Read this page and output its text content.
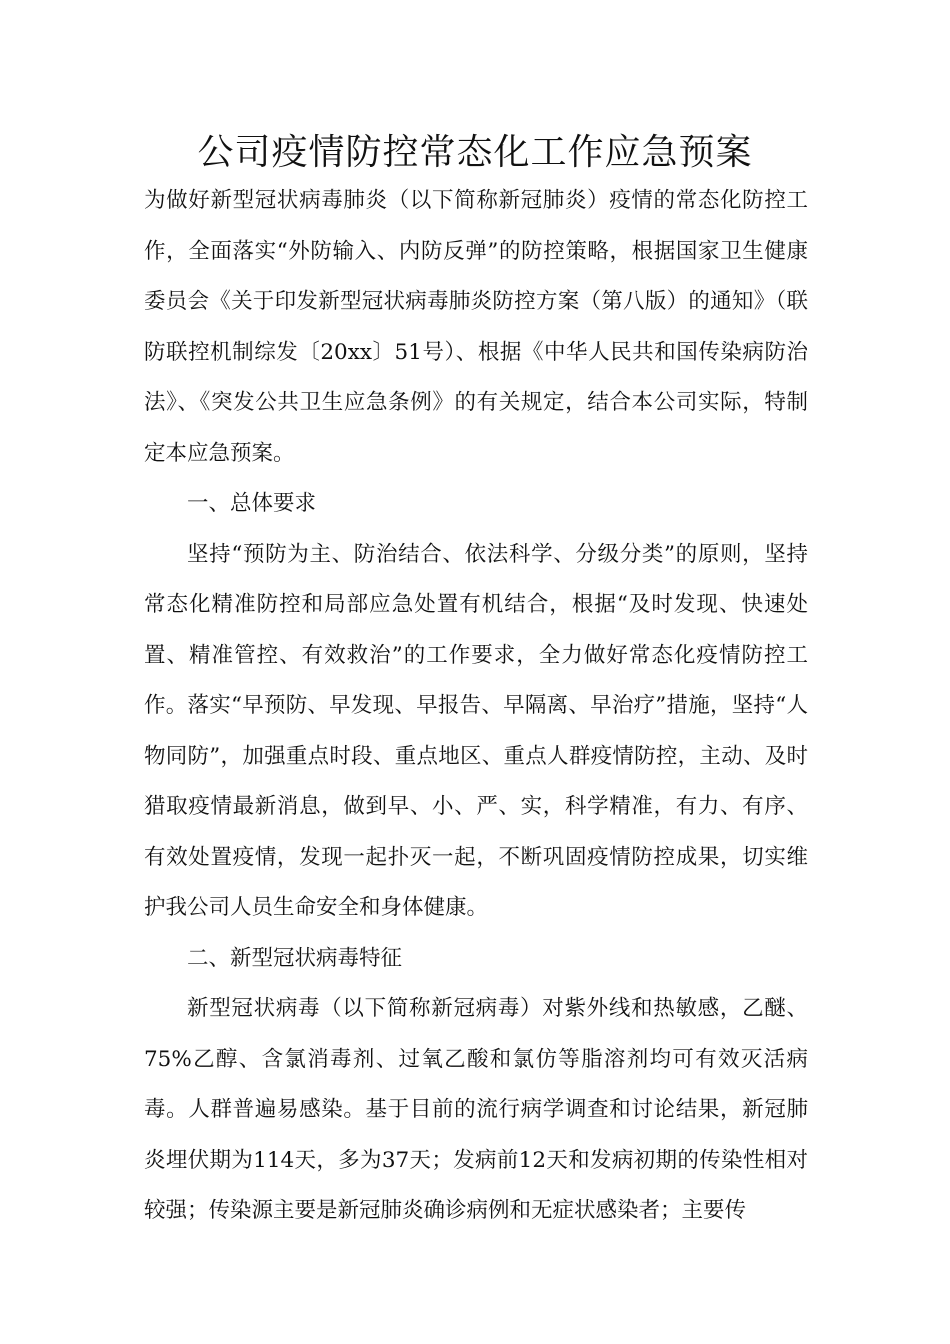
公司疫情防控常态化工作应急预案

为做好新型冠状病毒肺炎（以下简称新冠肺炎）疫情的常态化防控工作，全面落实“外防输入、内防反弹”的防控策略，根据国家卫生健康委员会《关于印发新型冠状病毒肺炎防控方案（第八版）的通知》（联防联控机制综发〔20xx〕51号）、根据《中华人民共和国传染病防治法》、《突发公共卫生应急条例》的有关规定，结合本公司实际，特制定本应急预案。

一、总体要求

坚持“预防为主、防治结合、依法科学、分级分类”的原则，坚持常态化精准防控和局部应急处置有机结合，根据“及时发现、快速处置、精准管控、有效救治”的工作要求，全力做好常态化疫情防控工作。落实“早预防、早发现、早报告、早隔离、早治疗”措施，坚持“人物同防”，加强重点时段、重点地区、重点人群疫情防控，主动、及时猎取疫情最新消息，做到早、小、严、实，科学精准，有力、有序、有效处置疫情，发现一起扑灭一起，不断巩固疫情防控成果，切实维护我公司人员生命安全和身体健康。

二、新型冠状病毒特征

新型冠状病毒（以下简称新冠病毒）对紫外线和热敏感，乙醚、75%乙醇、含氯消毒剂、过氧乙酸和氯仿等脂溶剂均可有效灭活病毒。人群普遍易感染。基于目前的流行病学调查和讨论结果，新冠肺炎埋伏期为114天，多为37天；发病前12天和发病初期的传染性相对较强；传染源主要是新冠肺炎确诊病例和无症状感染者；主要传
